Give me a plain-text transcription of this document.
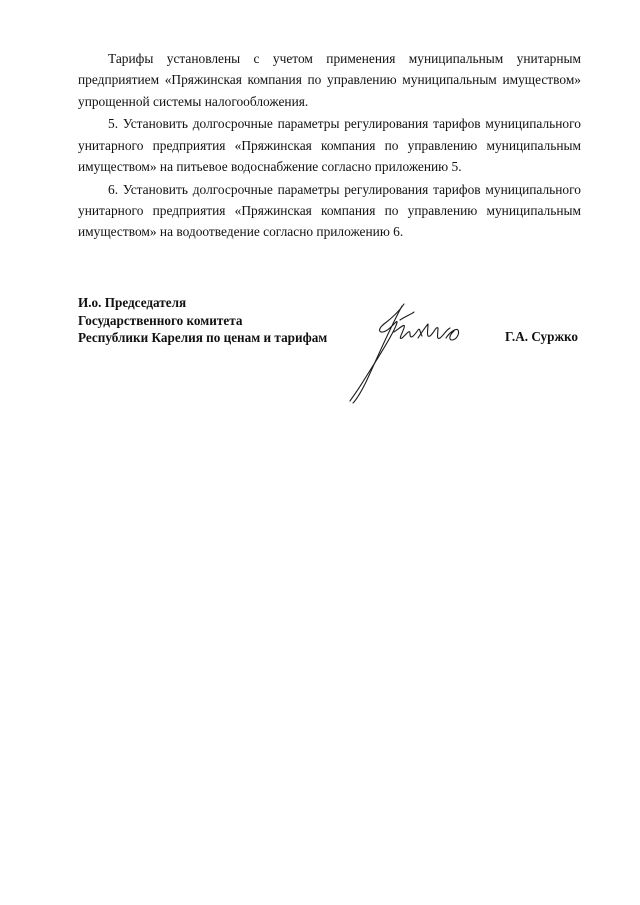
Тарифы установлены с учетом применения муниципальным унитарным предприятием «Пряжинская компания по управлению муниципальным имуществом» упрощенной системы налогообложения.

5. Установить долгосрочные параметры регулирования тарифов муниципального унитарного предприятия «Пряжинская компания по управлению муниципальным имуществом» на питьевое водоснабжение согласно приложению 5.

6. Установить долгосрочные параметры регулирования тарифов муниципального унитарного предприятия «Пряжинская компания по управлению муниципальным имуществом» на водоотведение согласно приложению 6.

И.о. Председателя
Государственного комитета
Республики Карелия по ценам и тарифам	Г.А. Суржко
